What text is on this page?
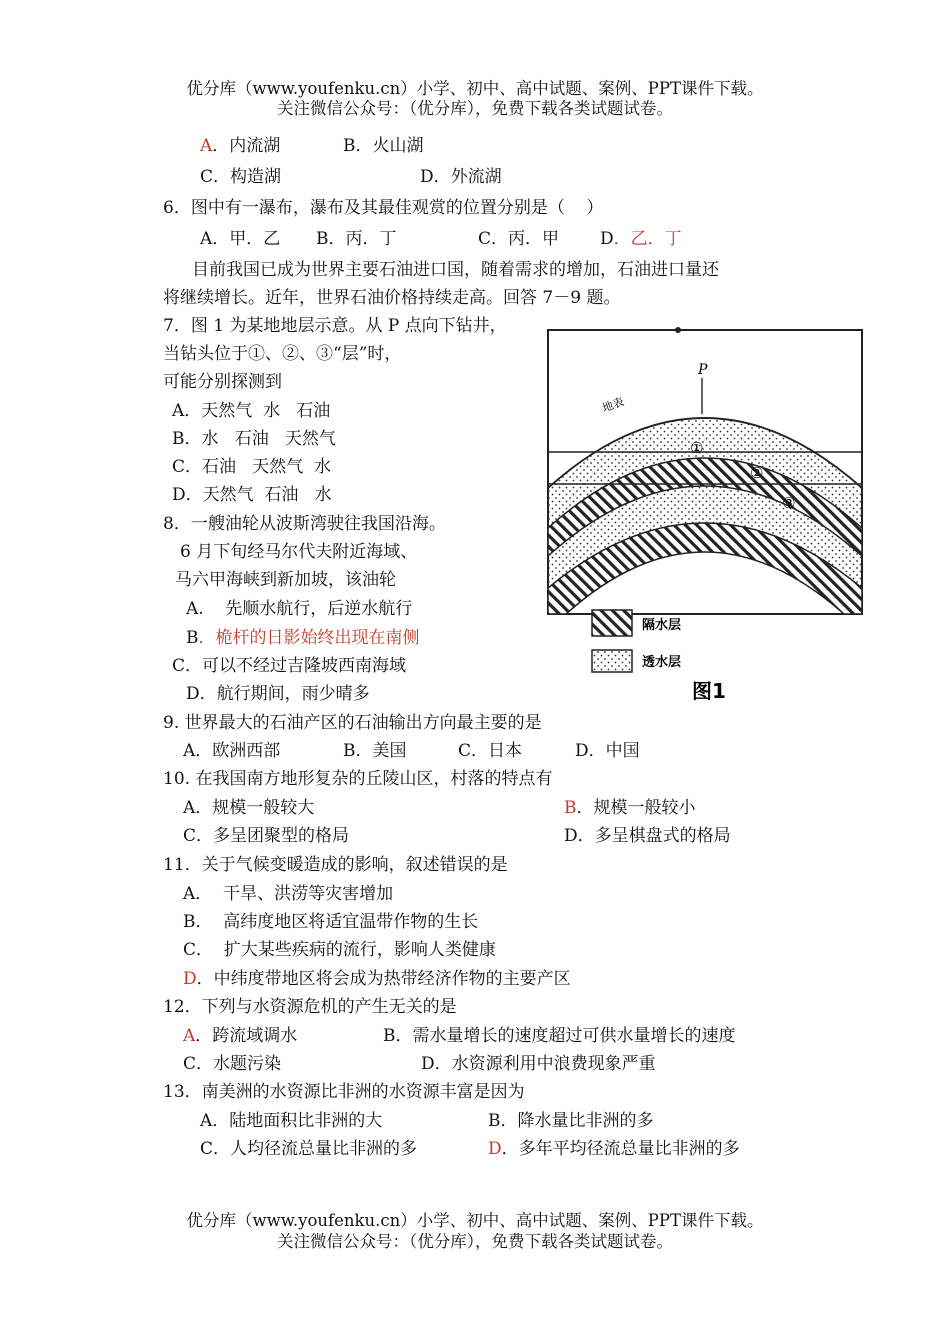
优分库（www.youfenku.cn）小学、初中、高中试题、案例、PPT课件下载。
关注微信公众号：（优分库），免费下载各类试题试卷。
A．内流湖	B．火山湖
C．构造湖	D．外流湖
6．图中有一瀑布，瀑布及其最佳观赏的位置分别是（    ）
A．甲．乙 B．丙．丁	C．丙．甲 D．乙．丁
目前我国已成为世界主要石油进口国，随着需求的增加，石油进口量还
将继续增长。近年，世界石油价格持续走高。回答 7－9 题。
7．图 1 为某地地层示意。从 P 点向下钻井，
当钻头位于①、②、③“层”时，
可能分别探测到
A．天然气  水   石油
B．水   石油   天然气
C．石油   天然气  水
D．天然气  石油   水
8．一艘油轮从波斯湾驶往我国沿海。
6 月下旬经马尔代夫附近海域、
马六甲海峡到新加坡，该油轮
A.    先顺水航行，后逆水航行
B．桅杆的日影始终出现在南侧
C．可以不经过吉隆坡西南海域
D．航行期间，雨少晴多
9. 世界最大的石油产区的石油输出方向最主要的是
A．欧洲西部	B．美国	C．日本	D．中国
10. 在我国南方地形复杂的丘陵山区，村落的特点有
A．规模一般较大	B．规模一般较小
C．多呈团聚型的格局	D．多呈棋盘式的格局
11．关于气候变暖造成的影响，叙述错误的是
A．  干旱、洪涝等灾害增加
B．  高纬度地区将适宜温带作物的生长
C．  扩大某些疾病的流行，影响人类健康
D．中纬度带地区将会成为热带经济作物的主要产区
12．下列与水资源危机的产生无关的是
A．跨流域调水	B．需水量增长的速度超过可供水量增长的速度
C．水题污染	D．水资源利用中浪费现象严重
13．南美洲的水资源比非洲的水资源丰富是因为
A．陆地面积比非洲的大	B．降水量比非洲的多
C．人均径流总量比非洲的多	D．多年平均径流总量比非洲的多
优分库（www.youfenku.cn）小学、初中、高中试题、案例、PPT课件下载。
关注微信公众号：（优分库），免费下载各类试题试卷。
P
地表
①
②
③
隔水层
透水层
图1
